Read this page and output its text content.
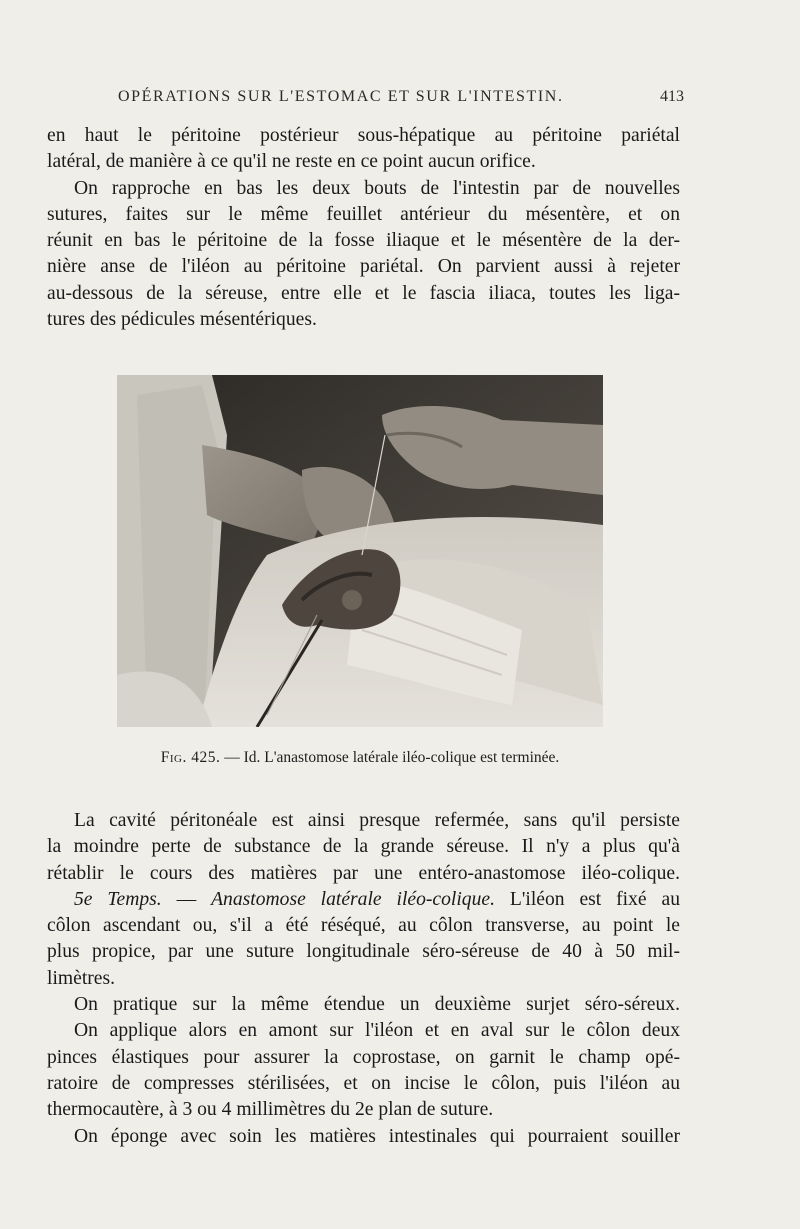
OPÉRATIONS SUR L'ESTOMAC ET SUR L'INTESTIN.	413
en haut le péritoine postérieur sous-hépatique au péritoine pariétal
latéral, de manière à ce qu'il ne reste en ce point aucun orifice.
On rapproche en bas les deux bouts de l'intestin par de nouvelles
sutures, faites sur le même feuillet antérieur du mésentère, et on
réunit en bas le péritoine de la fosse iliaque et le mésentère de la der-
nière anse de l'iléon au péritoine pariétal. On parvient aussi à rejeter
au-dessous de la séreuse, entre elle et le fascia iliaca, toutes les liga-
tures des pédicules mésentériques.
Fig. 425. — Id. L'anastomose latérale iléo-colique est terminée.
La cavité péritonéale est ainsi presque refermée, sans qu'il persiste
la moindre perte de substance de la grande séreuse. Il n'y a plus qu'à
rétablir le cours des matières par une entéro-anastomose iléo-colique.
5e Temps. — Anastomose latérale iléo-colique. L'iléon est fixé au
côlon ascendant ou, s'il a été réséqué, au côlon transverse, au point le
plus propice, par une suture longitudinale séro-séreuse de 40 à 50 mil-
limètres.
On pratique sur la même étendue un deuxième surjet séro-séreux.
On applique alors en amont sur l'iléon et en aval sur le côlon deux
pinces élastiques pour assurer la coprostase, on garnit le champ opé-
ratoire de compresses stérilisées, et on incise le côlon, puis l'iléon au
thermocautère, à 3 ou 4 millimètres du 2e plan de suture.
On éponge avec soin les matières intestinales qui pourraient souiller
